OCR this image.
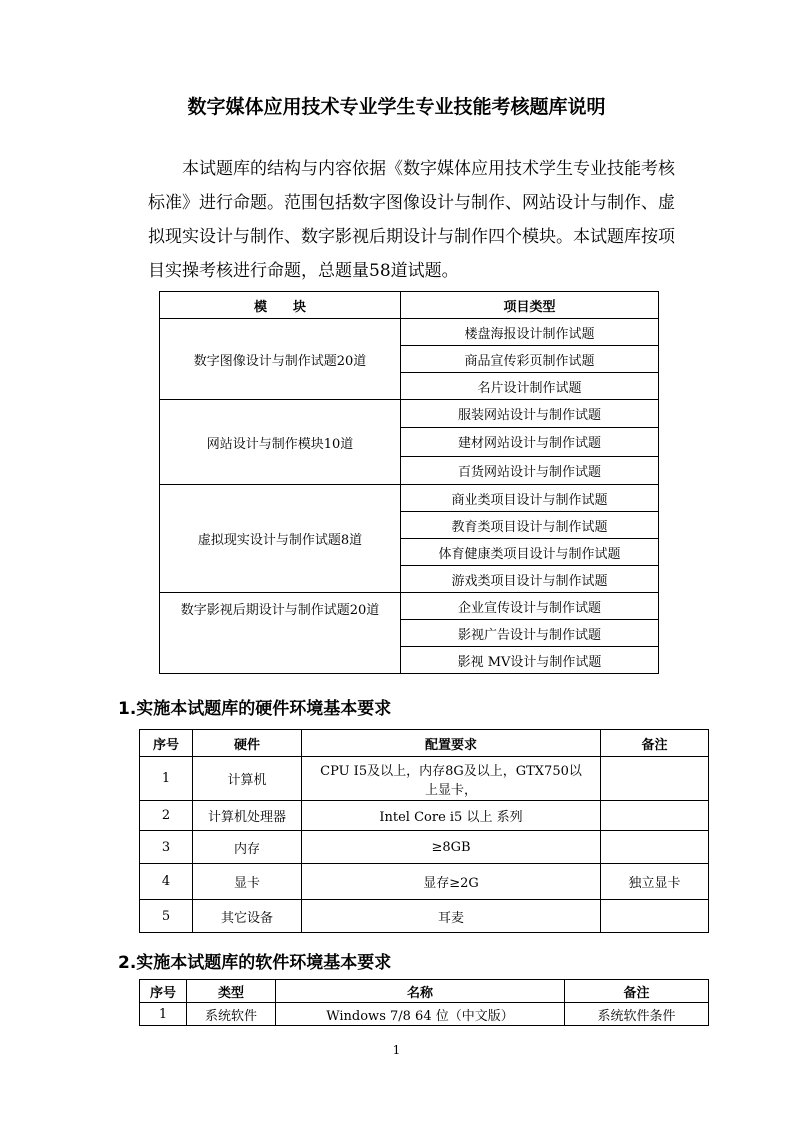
数字媒体应用技术专业学生专业技能考核题库说明

本试题库的结构与内容依据《数字媒体应用技术学生专业技能考核标准》进行命题。范围包括数字图像设计与制作、网站设计与制作、虚拟现实设计与制作、数字影视后期设计与制作四个模块。本试题库按项目实操考核进行命题，总题量58道试题。

模　　块	项目类型
数字图像设计与制作试题20道	楼盘海报设计制作试题
	商品宣传彩页制作试题
	名片设计制作试题
网站设计与制作模块10道	服装网站设计与制作试题
	建材网站设计与制作试题
	百货网站设计与制作试题
虚拟现实设计与制作试题8道	商业类项目设计与制作试题
	教育类项目设计与制作试题
	体育健康类项目设计与制作试题
	游戏类项目设计与制作试题
数字影视后期设计与制作试题20道	企业宣传设计与制作试题
	影视广告设计与制作试题
	影视 MV设计与制作试题
1.实施本试题库的硬件环境基本要求
序号	硬件	配置要求	备注
1	计算机	CPU I5及以上，内存8G及以上，GTX750以上显卡，	
2	计算机处理器	Intel Core i5 以上 系列	
3	内存	≥8GB	
4	显卡	显存≥2G	独立显卡
5	其它设备	耳麦	
2.实施本试题库的软件环境基本要求
序号	类型	名称	备注
1	系统软件	Windows 7/8 64 位（中文版）	系统软件条件
1
